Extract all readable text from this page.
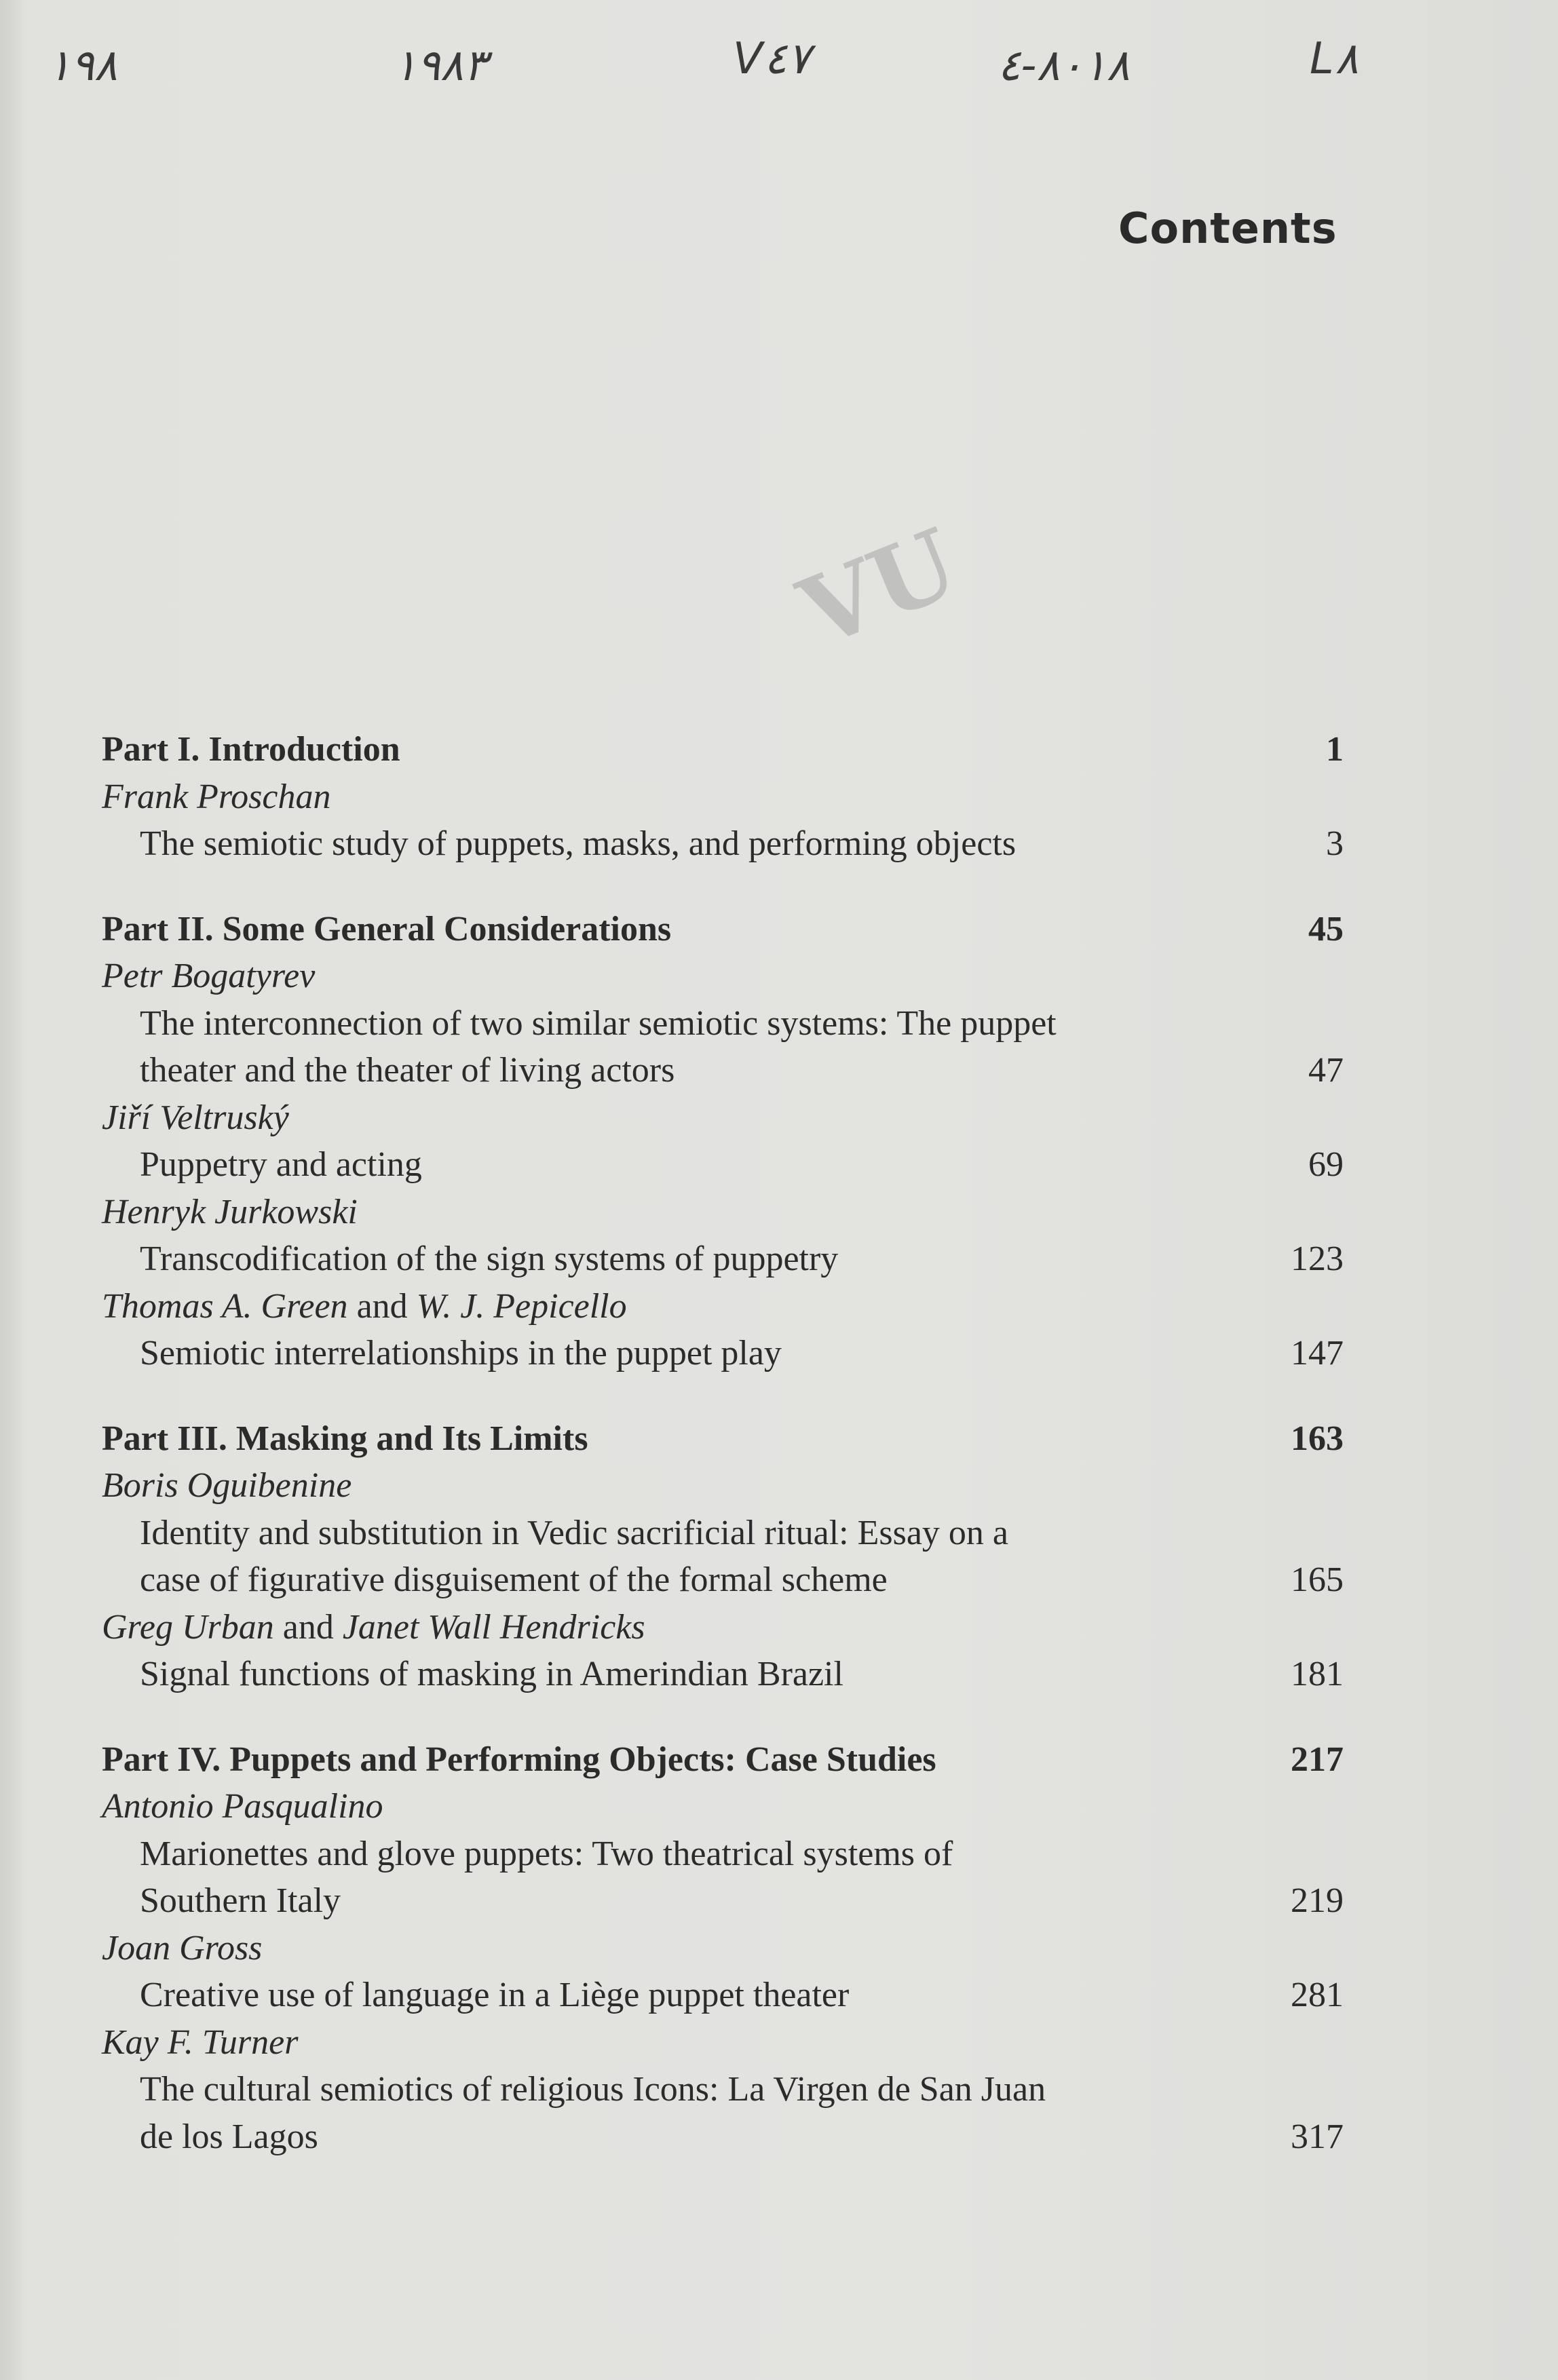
١٩٨	١٩٨٣	V٤٧	٨٠١٨-٤	L٨
VU
Contents
Part I. Introduction	1
Frank Proschan
The semiotic study of puppets, masks, and performing objects	3
Part II. Some General Considerations	45
Petr Bogatyrev
The interconnection of two similar semiotic systems: The puppet
theater and the theater of living actors	47
Jiří Veltruský
Puppetry and acting	69
Henryk Jurkowski
Transcodification of the sign systems of puppetry	123
Thomas A. Green and W. J. Pepicello
Semiotic interrelationships in the puppet play	147
Part III. Masking and Its Limits	163
Boris Oguibenine
Identity and substitution in Vedic sacrificial ritual: Essay on a
case of figurative disguisement of the formal scheme	165
Greg Urban and Janet Wall Hendricks
Signal functions of masking in Amerindian Brazil	181
Part IV. Puppets and Performing Objects: Case Studies	217
Antonio Pasqualino
Marionettes and glove puppets: Two theatrical systems of
Southern Italy	219
Joan Gross
Creative use of language in a Liège puppet theater	281
Kay F. Turner
The cultural semiotics of religious Icons: La Virgen de San Juan
de los Lagos	317
